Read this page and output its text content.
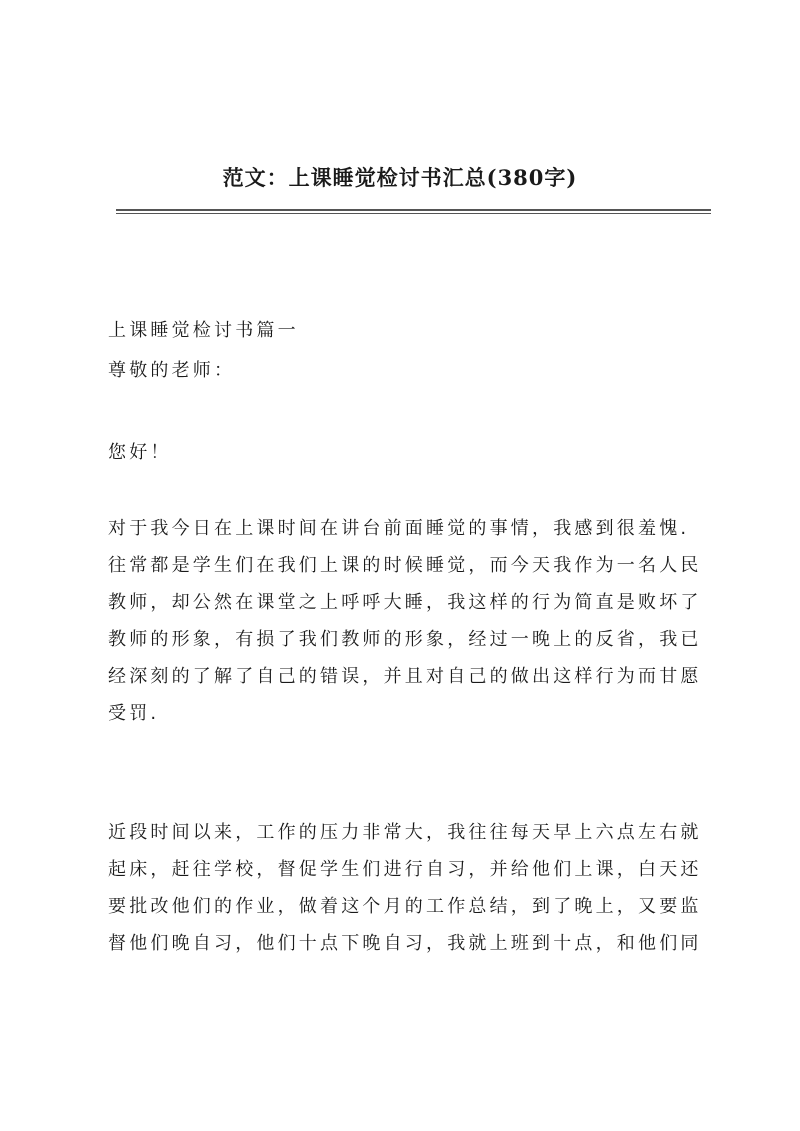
范文：上课睡觉检讨书汇总(380字)
上课睡觉检讨书篇一
尊敬的老师：
您好！
对于我今日在上课时间在讲台前面睡觉的事情，我感到很羞愧.
往常都是学生们在我们上课的时候睡觉，而今天我作为一名人民
教师，却公然在课堂之上呼呼大睡，我这样的行为简直是败坏了
教师的形象，有损了我们教师的形象，经过一晚上的反省，我已
经深刻的了解了自己的错误，并且对自己的做出这样行为而甘愿
受罚.
近段时间以来，工作的压力非常大，我往往每天早上六点左右就
起床，赶往学校，督促学生们进行自习，并给他们上课，白天还
要批改他们的作业，做着这个月的工作总结，到了晚上，又要监
督他们晚自习，他们十点下晚自习，我就上班到十点，和他们同
